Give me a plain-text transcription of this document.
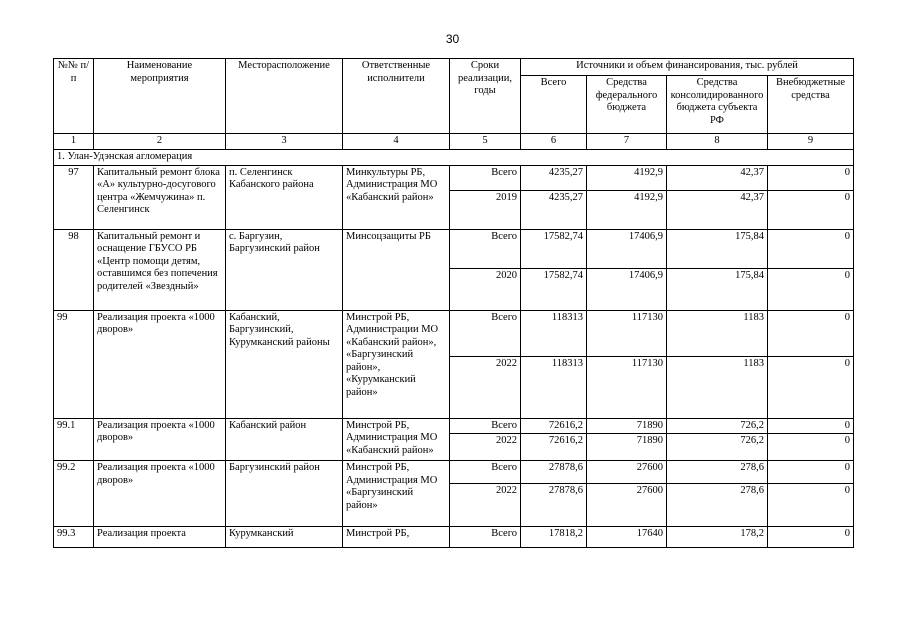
30
№№ п/п	Наименование мероприятия	Месторасположение	Ответственные исполнители	Сроки реализации, годы	Источники и объем финансирования, тыс. рублей			
					Всего	Средства федерального бюджета	Средства консолидированного бюджета субъекта РФ	Внебюджетные средства
1	2	3	4	5	6	7	8	9
1. Улан-Удэнская агломерация								
97	Капитальный ремонт блока «А» культурно-досугового центра «Жемчужина» п. Селенгинск	п. Селенгинск Кабанского района	Минкультуры РБ, Администрация МО «Кабанский район»	Всего	4235,27	4192,9	42,37	0
				2019	4235,27	4192,9	42,37	0
98	Капитальный ремонт и оснащение ГБУСО РБ «Центр помощи детям, оставшимся без попечения родителей «Звездный»	с. Баргузин, Баргузинский район	Минсоцзащиты РБ	Всего	17582,74	17406,9	175,84	0
				2020	17582,74	17406,9	175,84	0
99	Реализация проекта «1000 дворов»	Кабанский, Баргузинский, Курумканский районы	Минстрой РБ, Администрации МО «Кабанский район», «Баргузинский район», «Курумканский район»	Всего	118313	117130	1183	0
				2022	118313	117130	1183	0
99.1	Реализация проекта «1000 дворов»	Кабанский район	Минстрой РБ, Администрация МО «Кабанский район»	Всего	72616,2	71890	726,2	0
				2022	72616,2	71890	726,2	0
99.2	Реализация проекта «1000 дворов»	Баргузинский район	Минстрой РБ, Администрация МО «Баргузинский район»	Всего	27878,6	27600	278,6	0
				2022	27878,6	27600	278,6	0
99.3	Реализация проекта	Курумканский	Минстрой РБ,	Всего	17818,2	17640	178,2	0
